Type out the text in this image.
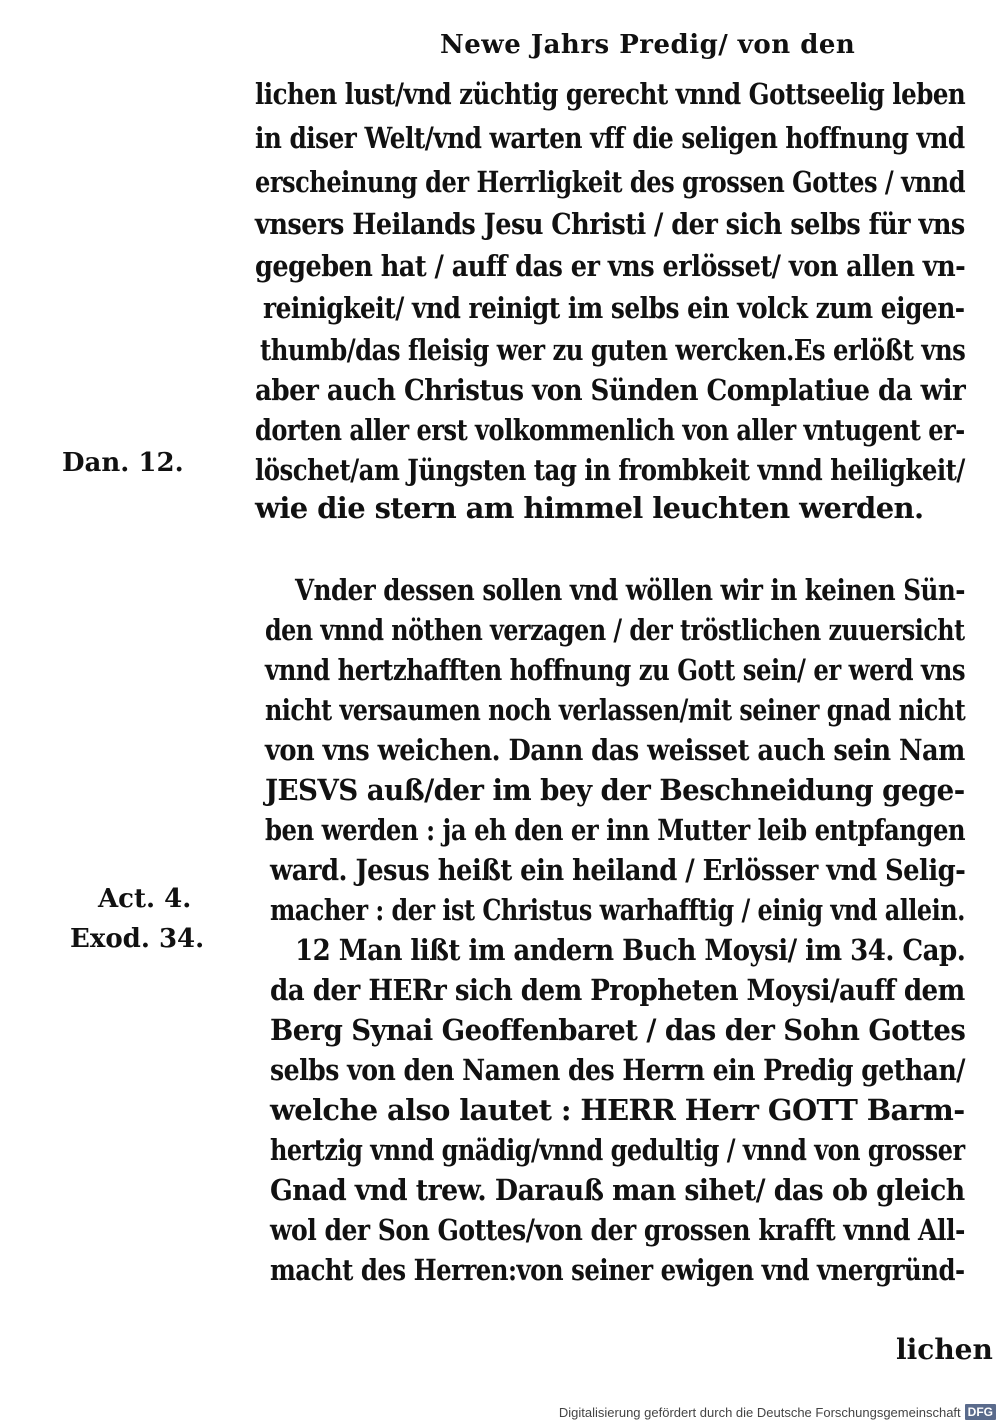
Newe Jahrs Predig/ von den
lichen lust/vnd züchtig gerecht vnnd Gottseelig leben
in diser Welt/vnd warten vff die seligen hoffnung vnd
erscheinung der Herrligkeit des grossen Gottes / vnnd
vnsers Heilands Jesu Christi / der sich selbs für vns
gegeben hat / auff das er vns erlösset/ von allen vn-
reinigkeit/ vnd reinigt im selbs ein volck zum eigen-
thumb/das fleisig wer zu guten wercken.Es erlößt vns
aber auch Christus von Sünden Complatiue da wir
dorten aller erst volkommenlich von aller vntugent er-
löschet/am Jüngsten tag in frombkeit vnnd heiligkeit/
wie die stern am himmel leuchten werden.
Vnder dessen sollen vnd wöllen wir in keinen Sün-
den vnnd nöthen verzagen / der tröstlichen zuuersicht
vnnd hertzhafften hoffnung zu Gott sein/ er werd vns
nicht versaumen noch verlassen/mit seiner gnad nicht
von vns weichen. Dann das weisset auch sein Nam
JESVS auß/der im bey der Beschneidung gege-
ben werden : ja eh den er inn Mutter leib entpfangen
ward. Jesus heißt ein heiland / Erlösser vnd Selig-
macher : der ist Christus warhafftig / einig vnd allein.
12 Man lißt im andern Buch Moysi/ im 34. Cap.
da der HERr sich dem Propheten Moysi/auff dem
Berg Synai Geoffenbaret / das der Sohn Gottes
selbs von den Namen des Herrn ein Predig gethan/
welche also lautet : HERR Herr GOTT Barm-
hertzig vnnd gnädig/vnnd gedultig / vnnd von grosser
Gnad vnd trew. Darauß man sihet/ das ob gleich
wol der Son Gottes/von der grossen krafft vnnd All-
macht des Herren:von seiner ewigen vnd vnergründ-
Dan. 12.
Act. 4.
Exod. 34.
lichen
Digitalisierung gefördert durch die Deutsche Forschungsgemeinschaft DFG
